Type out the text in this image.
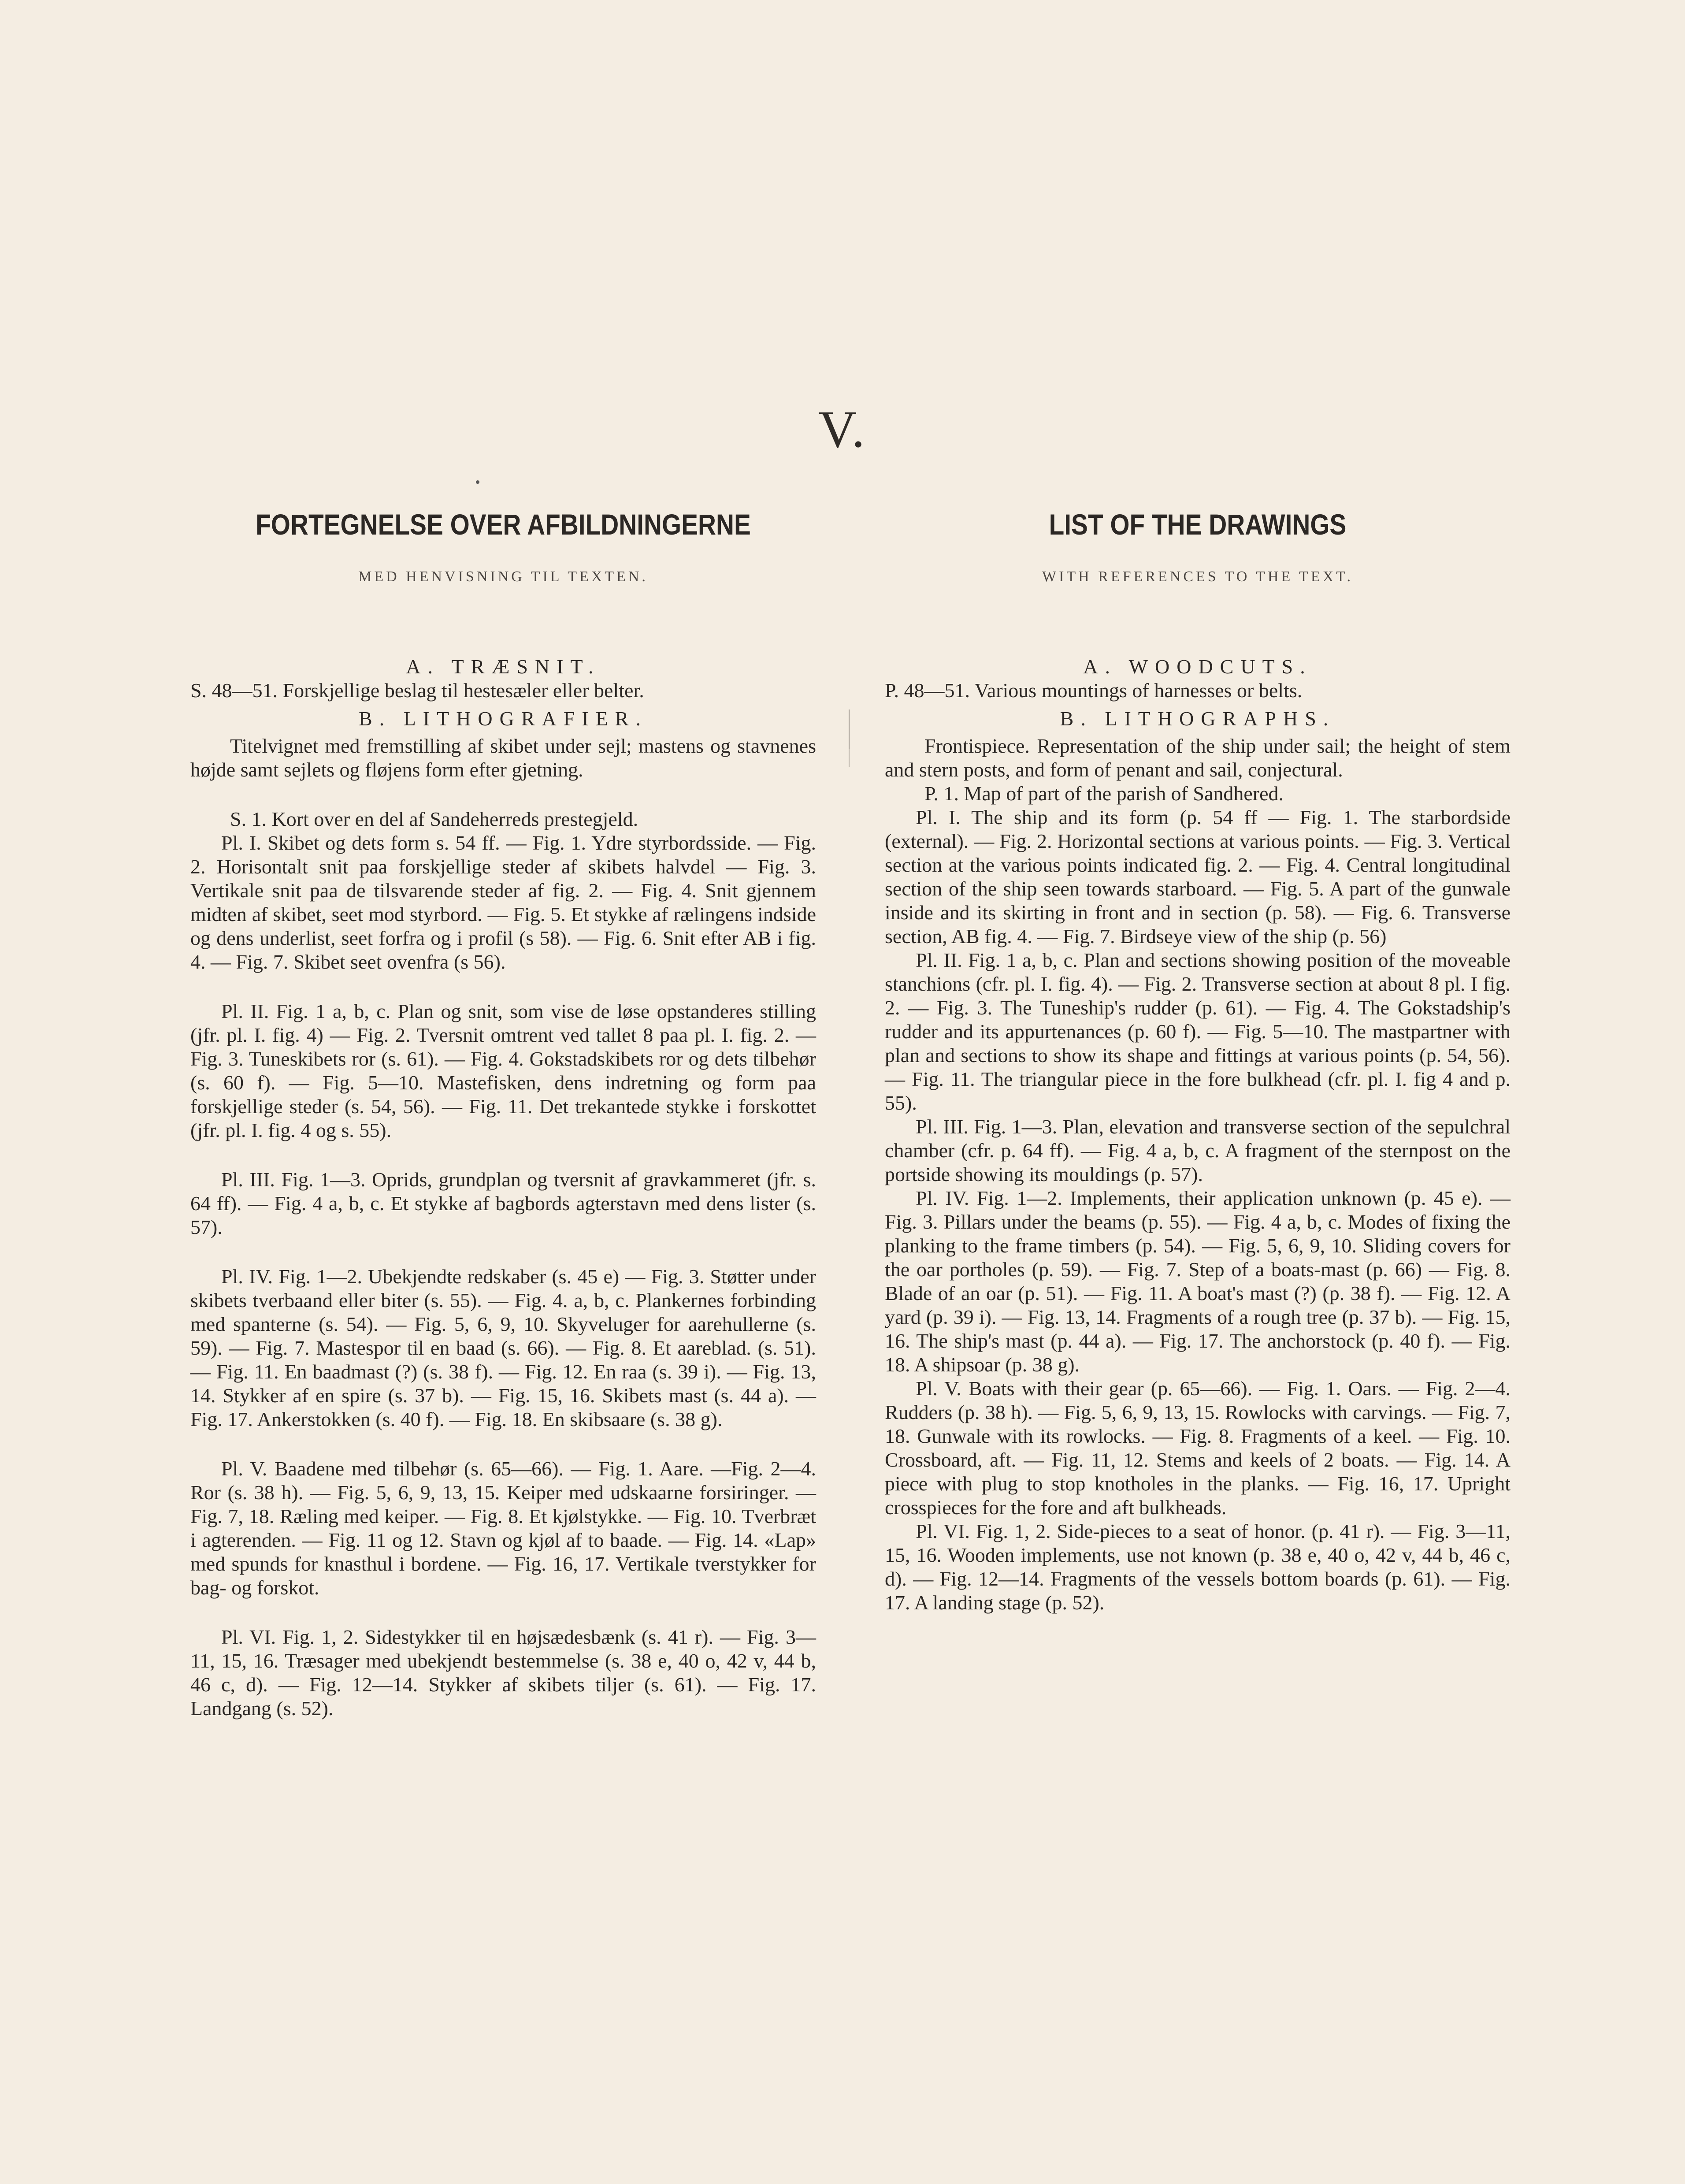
V.
FORTEGNELSE OVER AFBILDNINGERNE
MED HENVISNING TIL TEXTEN.
A. TRÆSNIT.

S. 48—51. Forskjellige beslag til hestesæler eller belter.

B. LITHOGRAFIER.

Titelvignet med fremstilling af skibet under sejl; mastens og stavnenes højde samt sejlets og fløjens form efter gjetning.

S. 1. Kort over en del af Sandeherreds prestegjeld.

Pl. I. Skibet og dets form s. 54 ff. — Fig. 1. Ydre styrbordsside. — Fig. 2. Horisontalt snit paa forskjellige steder af skibets halvdel — Fig. 3. Vertikale snit paa de tilsvarende steder af fig. 2. — Fig. 4. Snit gjennem midten af skibet, seet mod styrbord. — Fig. 5. Et stykke af rælingens indside og dens underlist, seet forfra og i profil (s 58). — Fig. 6. Snit efter AB i fig. 4. — Fig. 7. Skibet seet ovenfra (s 56).

Pl. II. Fig. 1 a, b, c. Plan og snit, som vise de løse opstanderes stilling (jfr. pl. I. fig. 4) — Fig. 2. Tversnit omtrent ved tallet 8 paa pl. I. fig. 2. — Fig. 3. Tuneskibets ror (s. 61). — Fig. 4. Gokstadskibets ror og dets tilbehør (s. 60 f). — Fig. 5—10. Mastefisken, dens indretning og form paa forskjellige steder (s. 54, 56). — Fig. 11. Det trekantede stykke i forskottet (jfr. pl. I. fig. 4 og s. 55).

Pl. III. Fig. 1—3. Oprids, grundplan og tversnit af gravkammeret (jfr. s. 64 ff). — Fig. 4 a, b, c. Et stykke af bagbords agterstavn med dens lister (s. 57).

Pl. IV. Fig. 1—2. Ubekjendte redskaber (s. 45 e) — Fig. 3. Støtter under skibets tverbaand eller biter (s. 55). — Fig. 4. a, b, c. Plankernes forbinding med spanterne (s. 54). — Fig. 5, 6, 9, 10. Skyveluger for aarehullerne (s. 59). — Fig. 7. Mastespor til en baad (s. 66). — Fig. 8. Et aareblad. (s. 51). — Fig. 11. En baadmast (?) (s. 38 f). — Fig. 12. En raa (s. 39 i). — Fig. 13, 14. Stykker af en spire (s. 37 b). — Fig. 15, 16. Skibets mast (s. 44 a). — Fig. 17. Ankerstokken (s. 40 f). — Fig. 18. En skibsaare (s. 38 g).

Pl. V. Baadene med tilbehør (s. 65—66). — Fig. 1. Aare. —Fig. 2—4. Ror (s. 38 h). — Fig. 5, 6, 9, 13, 15. Keiper med udskaarne forsiringer. — Fig. 7, 18. Ræling med keiper. — Fig. 8. Et kjølstykke. — Fig. 10. Tverbræt i agterenden. — Fig. 11 og 12. Stavn og kjøl af to baade. — Fig. 14. «Lap» med spunds for knasthul i bordene. — Fig. 16, 17. Vertikale tverstykker for bag- og forskot.

Pl. VI. Fig. 1, 2. Sidestykker til en højsædesbænk (s. 41 r). — Fig. 3—11, 15, 16. Træsager med ubekjendt bestemmelse (s. 38 e, 40 o, 42 v, 44 b, 46 c, d). — Fig. 12—14. Stykker af skibets tiljer (s. 61). — Fig. 17. Landgang (s. 52).

LIST OF THE DRAWINGS
WITH REFERENCES TO THE TEXT.
A. WOODCUTS.

P. 48—51. Various mountings of harnesses or belts.

B. LITHOGRAPHS.

Frontispiece. Representation of the ship under sail; the height of stem and stern posts, and form of penant and sail, conjectural.

P. 1. Map of part of the parish of Sandhered.

Pl. I. The ship and its form (p. 54 ff — Fig. 1. The starbordside (external). — Fig. 2. Horizontal sections at various points. — Fig. 3. Vertical section at the various points indicated fig. 2. — Fig. 4. Central longitudinal section of the ship seen towards starboard. — Fig. 5. A part of the gunwale inside and its skirting in front and in section (p. 58). — Fig. 6. Transverse section, AB fig. 4. — Fig. 7. Birdseye view of the ship (p. 56)

Pl. II. Fig. 1 a, b, c. Plan and sections showing position of the moveable stanchions (cfr. pl. I. fig. 4). — Fig. 2. Transverse section at about 8 pl. I fig. 2. — Fig. 3. The Tuneship's rudder (p. 61). — Fig. 4. The Gokstadship's rudder and its appurtenances (p. 60 f). — Fig. 5—10. The mastpartner with plan and sections to show its shape and fittings at various points (p. 54, 56). — Fig. 11. The triangular piece in the fore bulkhead (cfr. pl. I. fig 4 and p. 55).

Pl. III. Fig. 1—3. Plan, elevation and transverse section of the sepulchral chamber (cfr. p. 64 ff). — Fig. 4 a, b, c. A fragment of the sternpost on the portside showing its mouldings (p. 57).

Pl. IV. Fig. 1—2. Implements, their application unknown (p. 45 e). — Fig. 3. Pillars under the beams (p. 55). — Fig. 4 a, b, c. Modes of fixing the planking to the frame timbers (p. 54). — Fig. 5, 6, 9, 10. Sliding covers for the oar portholes (p. 59). — Fig. 7. Step of a boats-mast (p. 66) — Fig. 8. Blade of an oar (p. 51). — Fig. 11. A boat's mast (?) (p. 38 f). — Fig. 12. A yard (p. 39 i). — Fig. 13, 14. Fragments of a rough tree (p. 37 b). — Fig. 15, 16. The ship's mast (p. 44 a). — Fig. 17. The anchorstock (p. 40 f). — Fig. 18. A shipsoar (p. 38 g).

Pl. V. Boats with their gear (p. 65—66). — Fig. 1. Oars. — Fig. 2—4. Rudders (p. 38 h). — Fig. 5, 6, 9, 13, 15. Rowlocks with carvings. — Fig. 7, 18. Gunwale with its rowlocks. — Fig. 8. Fragments of a keel. — Fig. 10. Crossboard, aft. — Fig. 11, 12. Stems and keels of 2 boats. — Fig. 14. A piece with plug to stop knotholes in the planks. — Fig. 16, 17. Upright crosspieces for the fore and aft bulkheads.

Pl. VI. Fig. 1, 2. Side-pieces to a seat of honor. (p. 41 r). — Fig. 3—11, 15, 16. Wooden implements, use not known (p. 38 e, 40 o, 42 v, 44 b, 46 c, d). — Fig. 12—14. Fragments of the vessels bottom boards (p. 61). — Fig. 17. A landing stage (p. 52).
